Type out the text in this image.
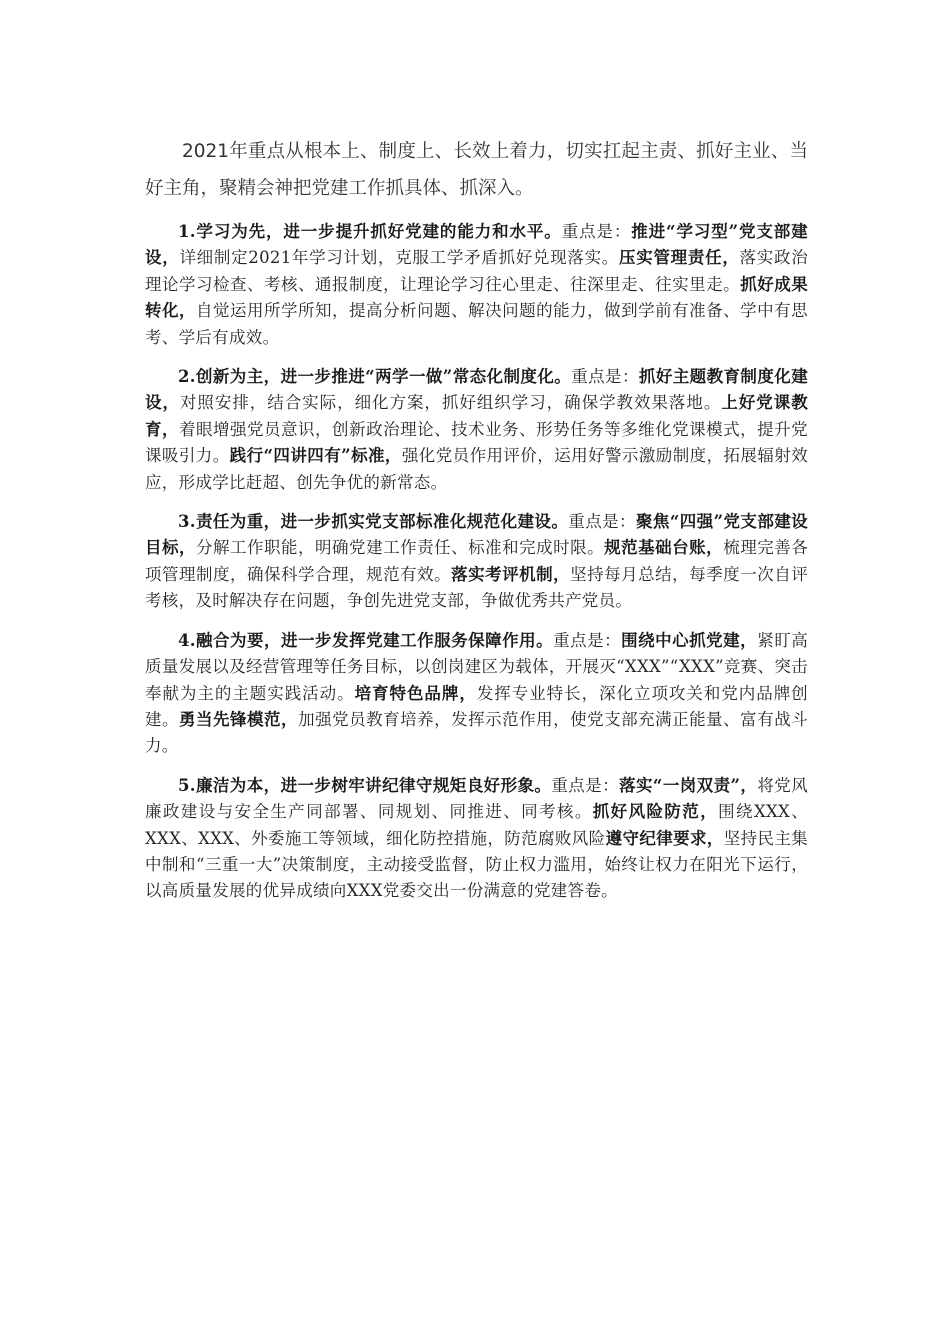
2021年重点从根本上、制度上、长效上着力，切实扛起主责、抓好主业、当好主角，聚精会神把党建工作抓具体、抓深入。

1.学习为先，进一步提升抓好党建的能力和水平。重点是：推进“学习型”党支部建设，详细制定2021年学习计划，克服工学矛盾抓好兑现落实。压实管理责任，落实政治理论学习检查、考核、通报制度，让理论学习往心里走、往深里走、往实里走。抓好成果转化，自觉运用所学所知，提高分析问题、解决问题的能力，做到学前有准备、学中有思考、学后有成效。

2.创新为主，进一步推进“两学一做”常态化制度化。重点是：抓好主题教育制度化建设，对照安排，结合实际，细化方案，抓好组织学习，确保学教效果落地。上好党课教育，着眼增强党员意识，创新政治理论、技术业务、形势任务等多维化党课模式，提升党课吸引力。践行“四讲四有”标准，强化党员作用评价，运用好警示激励制度，拓展辐射效应，形成学比赶超、创先争优的新常态。

3.责任为重，进一步抓实党支部标准化规范化建设。重点是：聚焦“四强”党支部建设目标，分解工作职能，明确党建工作责任、标准和完成时限。规范基础台账，梳理完善各项管理制度，确保科学合理，规范有效。落实考评机制，坚持每月总结，每季度一次自评考核，及时解决存在问题，争创先进党支部，争做优秀共产党员。

4.融合为要，进一步发挥党建工作服务保障作用。重点是：围绕中心抓党建，紧盯高质量发展以及经营管理等任务目标，以创岗建区为载体，开展灭“XXX”“XXX”竞赛、突击奉献为主的主题实践活动。培育特色品牌，发挥专业特长，深化立项攻关和党内品牌创建。勇当先锋模范，加强党员教育培养，发挥示范作用，使党支部充满正能量、富有战斗力。

5.廉洁为本，进一步树牢讲纪律守规矩良好形象。重点是：落实“一岗双责”，将党风廉政建设与安全生产同部署、同规划、同推进、同考核。抓好风险防范，围绕XXX、XXX、XXX、外委施工等领域，细化防控措施，防范腐败风险遵守纪律要求，坚持民主集中制和“三重一大”决策制度，主动接受监督，防止权力滥用，始终让权力在阳光下运行，以高质量发展的优异成绩向XXX党委交出一份满意的党建答卷。
